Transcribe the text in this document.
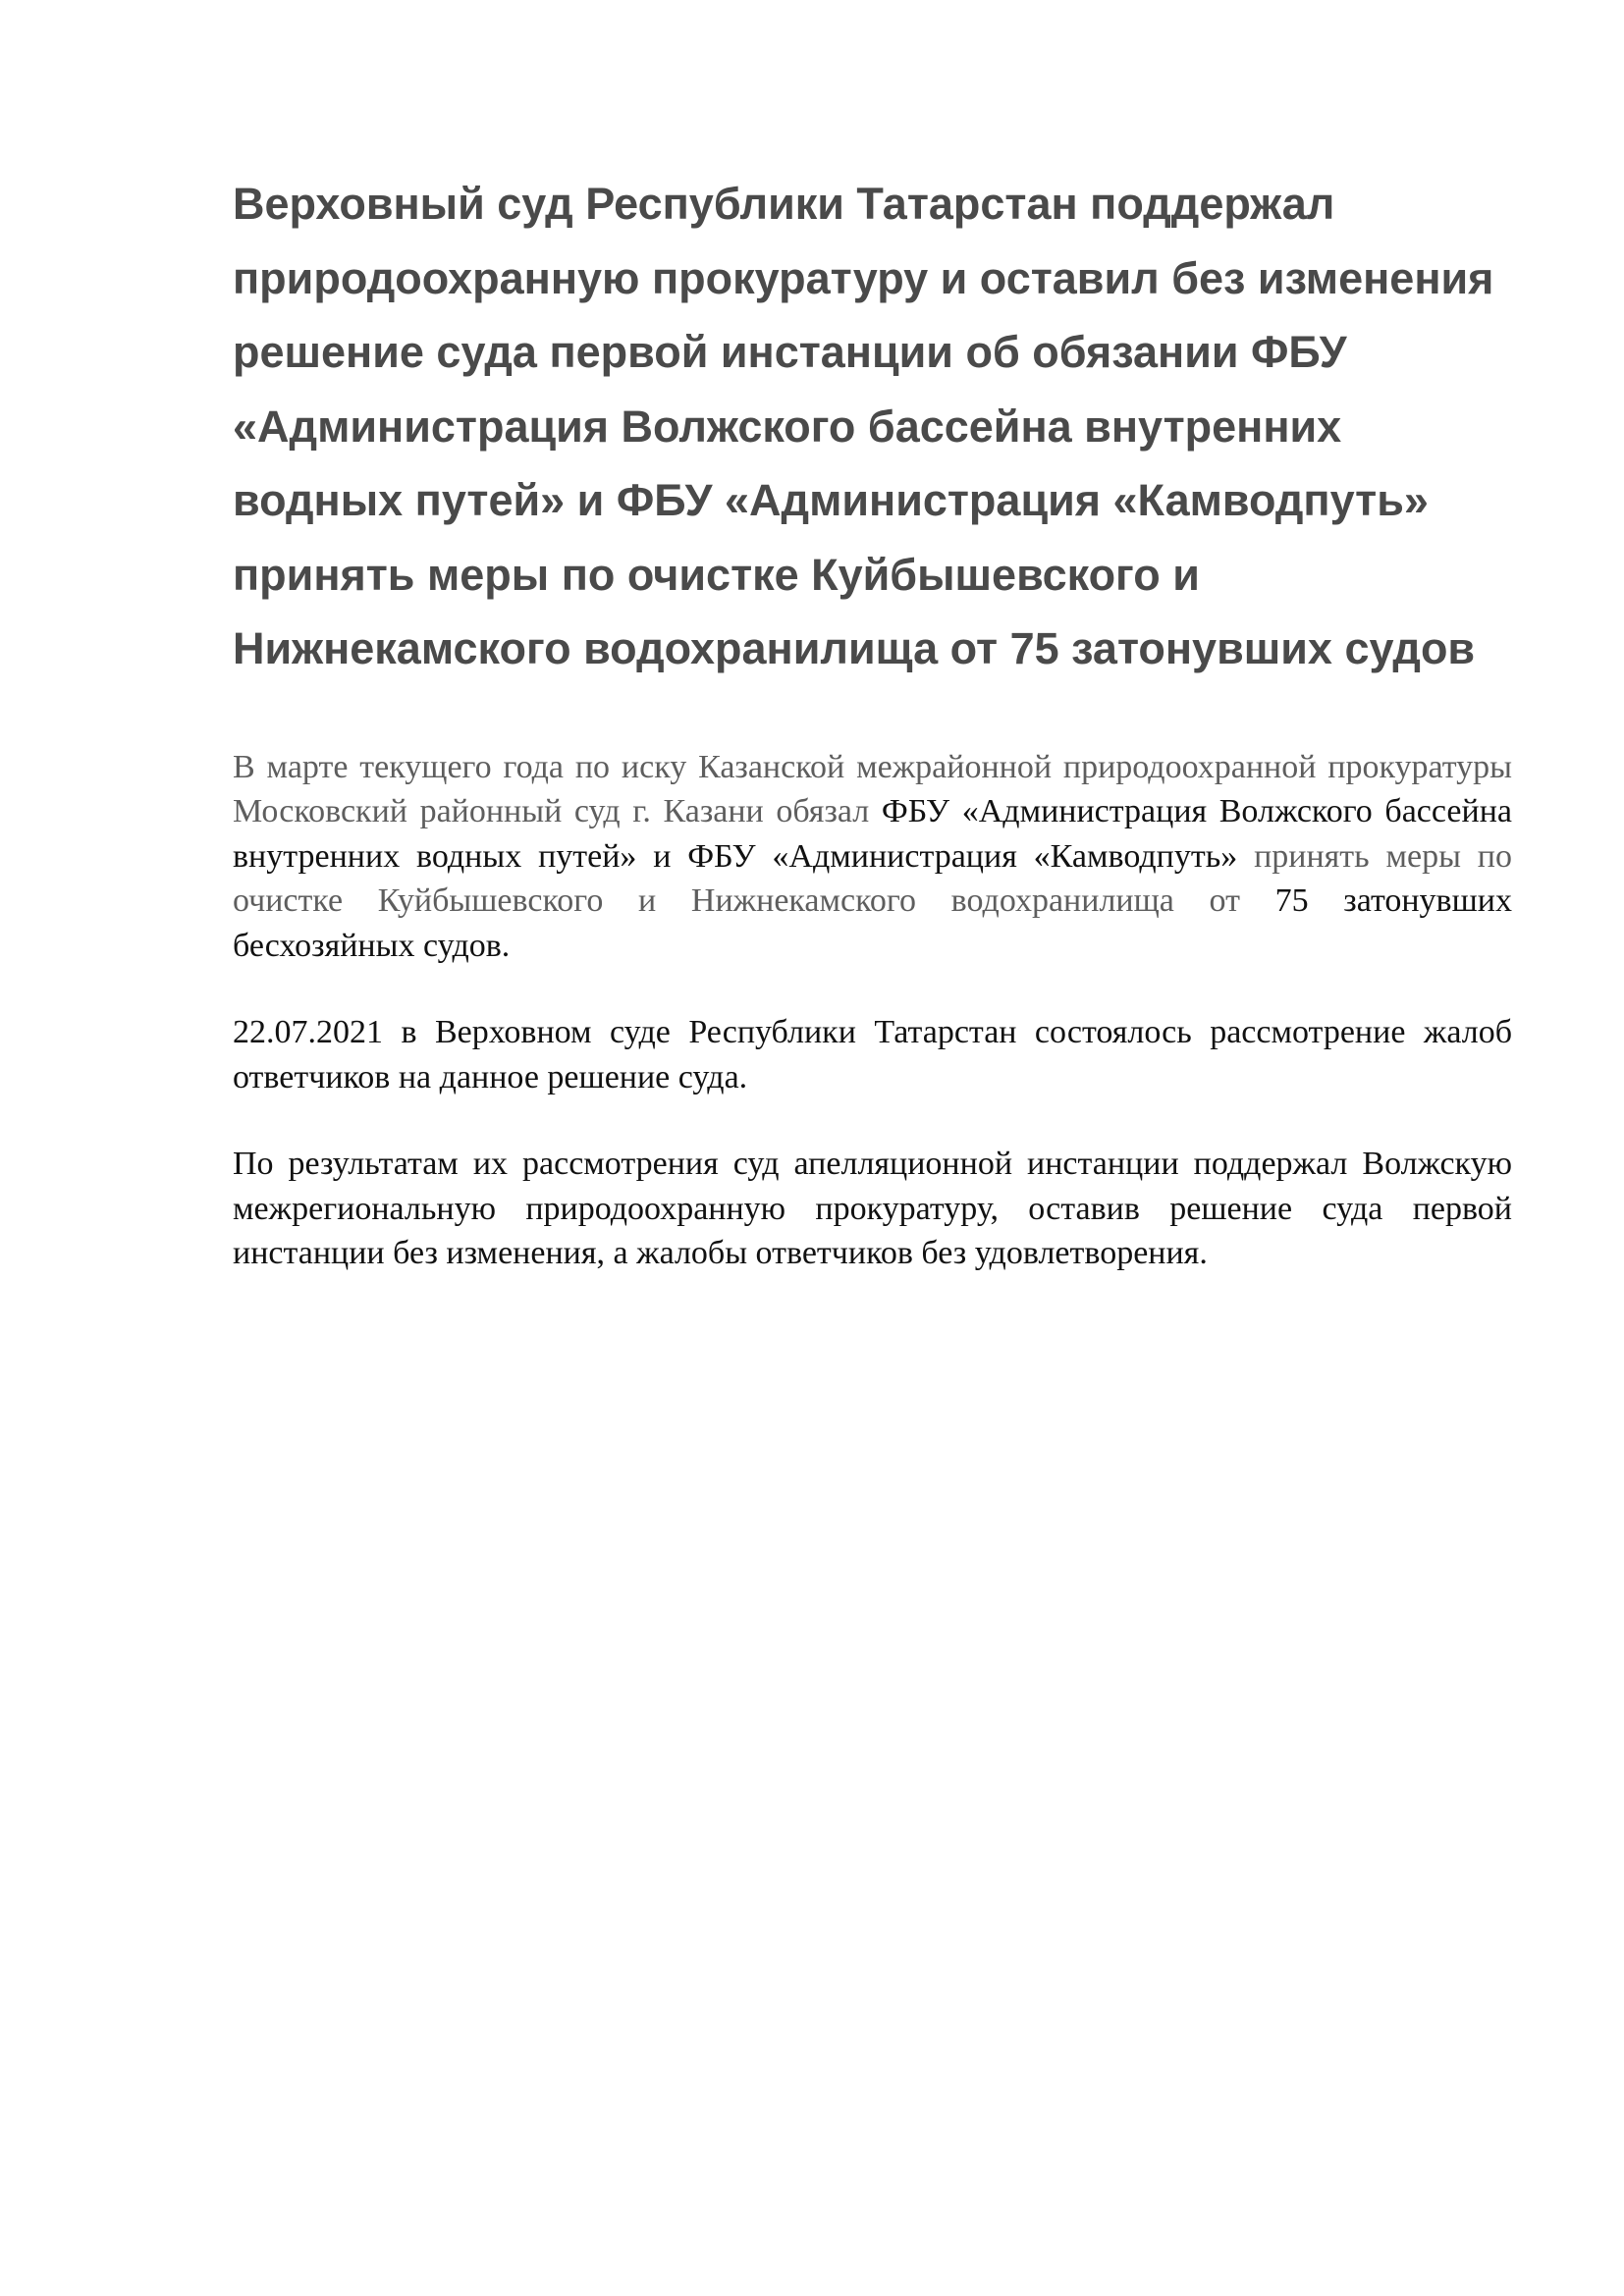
Верховный суд Республики Татарстан поддержал природоохранную прокуратуру и оставил без изменения решение суда первой инстанции об обязании ФБУ «Администрация Волжского бассейна внутренних водных путей» и ФБУ «Администрация «Камводпуть» принять меры по очистке Куйбышевского и Нижнекамского водохранилища от 75 затонувших судов

В марте текущего года по иску Казанской межрайонной природоохранной прокуратуры Московский районный суд г. Казани обязал ФБУ «Администрация Волжского бассейна внутренних водных путей» и ФБУ «Администрация «Камводпуть» принять меры по очистке Куйбышевского и Нижнекамского водохранилища от 75 затонувших бесхозяйных судов.

22.07.2021 в Верховном суде Республики Татарстан состоялось рассмотрение жалоб ответчиков на данное решение суда.

По результатам их рассмотрения суд апелляционной инстанции поддержал Волжскую межрегиональную природоохранную прокуратуру, оставив решение суда первой инстанции без изменения, а жалобы ответчиков без удовлетворения.
